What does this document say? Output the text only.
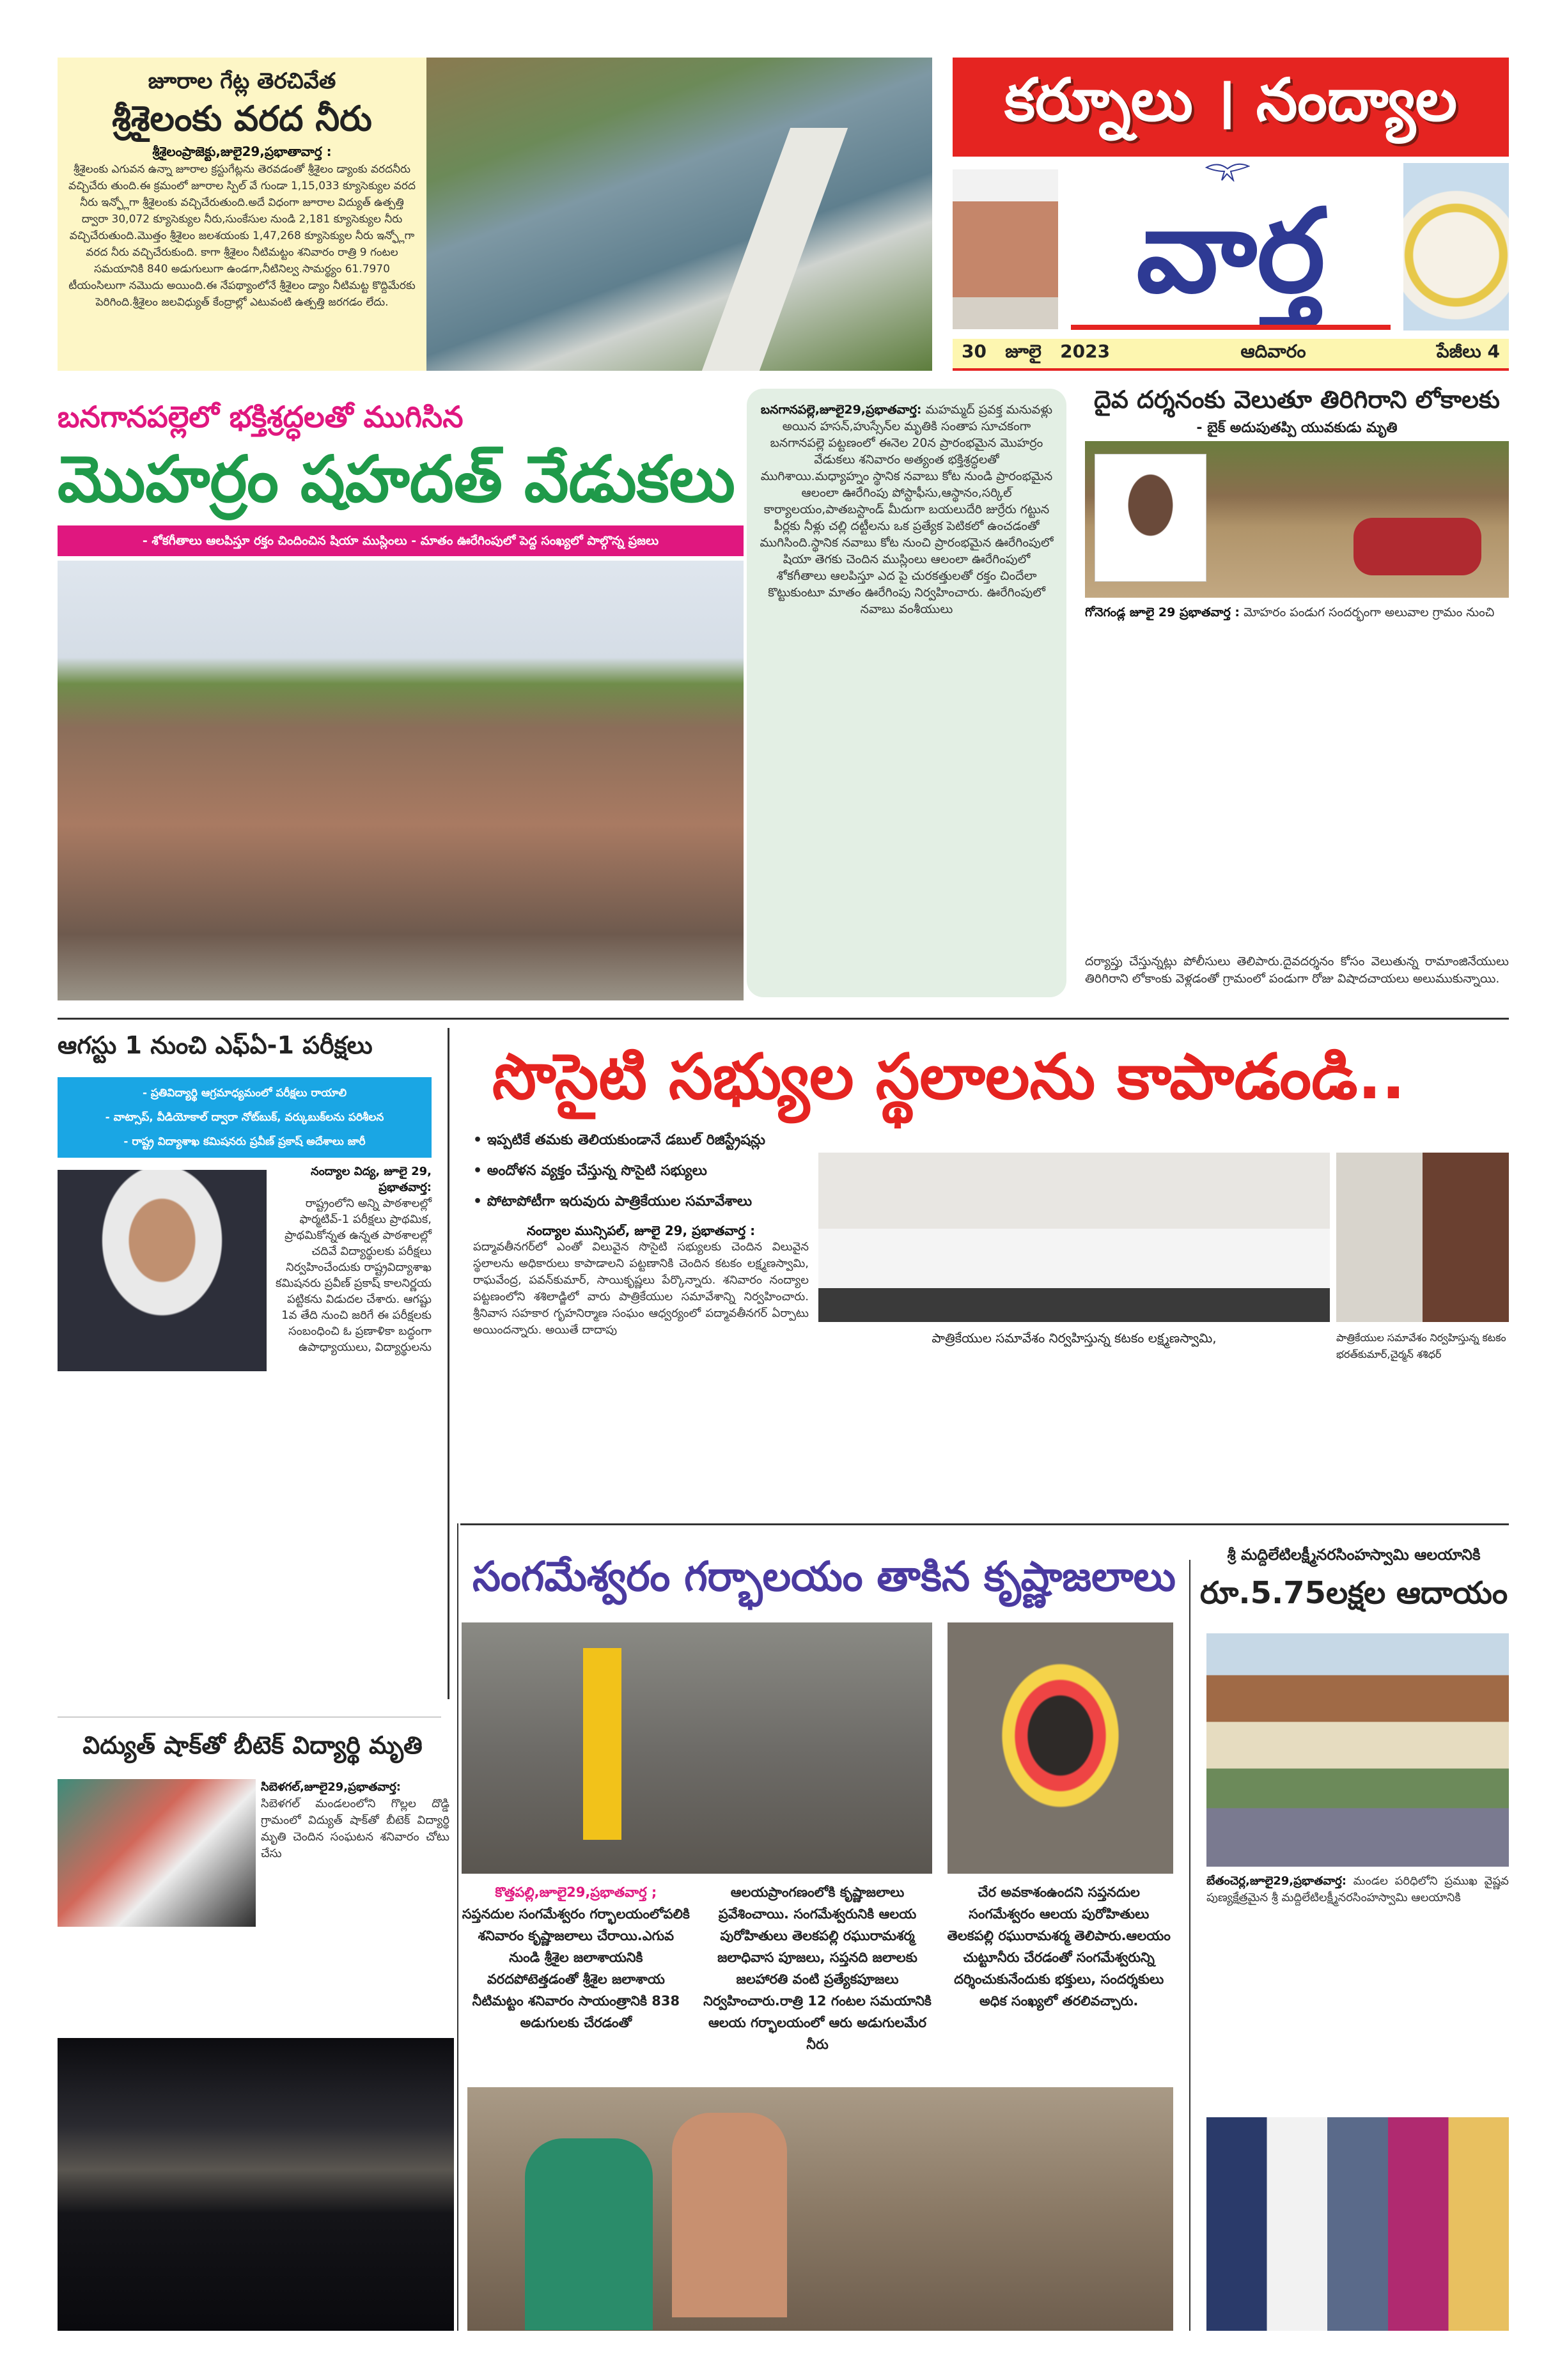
జూరాల గేట్ల తెరచివేత
శ్రీశైలంకు వరద నీరు
శ్రీశైలంప్రాజెక్టు,జులై29,ప్రభాతావార్త :
శ్రీశైలంకు ఎగువన ఉన్నా జూరాల క్రస్టుగేట్లను తెరవడంతో శ్రీశైలం డ్యాంకు వరదనీరు వచ్చిచేరు తుంది.ఈ క్రమంలో జూరాల స్పిల్ వే గుండా 1,15,033 క్యూసెక్యుల వరద నీరు ఇన్ఫ్లోగా శ్రీశైలంకు వచ్చిచేరుతుంది.అదే విధంగా జూరాల విద్యుత్ ఉత్పత్తి ద్వారా 30,072 క్యూసెక్యుల నీరు,సుంకేసుల నుండి 2,181 క్యూసెక్యుల నీరు వచ్చిచేరుతుంది.మొత్తం శ్రీశైలం జలశయంకు 1,47,268 క్యూసెక్యుల నీరు ఇన్ఫ్లోగా వరద నీరు వచ్చిచేరుకుంది. కాగా శ్రీశైలం నీటిమట్టం శనివారం రాత్రి 9 గంటల సమయానికి 840 అడుగులుగా ఉండగా,నీటినిల్వ సామర్థ్యం 61.7970 టీయంసిలుగా నమొదు అయింది.ఈ నేపథ్యాంలోనే శ్రీశైలం డ్యాం నీటిమట్ట కొద్దిమేరకు పెరిగింది.శ్రీశైలం జలవిధ్యుత్ కేంద్రాల్లో ఎటువంటి ఉత్పత్తి జరగడం లేదు.
కర్నూలు । నంద్యాల
వార్త
30 జూలై 2023	ఆదివారం	పేజీలు 4
బనగానపల్లెలో భక్తిశ్రద్ధలతో ముగిసిన
మొహర్రం షహదత్ వేడుకలు
- శోకగీతాలు ఆలపిస్తూ రక్తం చిందించిన షియా ముస్లింలు - మాతం ఊరేగింపులో పెద్ద సంఖ్యలో పాల్గొన్న ప్రజలు
బనగానపల్లె,జూలై29,ప్రభాతవార్త: మహమ్మద్ ప్రవక్త మనువళ్లు అయిన హసన్,హుస్సేన్‌ల మృతికి సంతాప సూచకంగా బనగానపల్లె పట్టణంలో ఈనెల 20న ప్రారంభమైన మొహర్రం వేడుకలు శనివారం అత్యంత భక్తిశ్రద్ధలతో ముగిశాయి.మధ్యాహ్నం స్థానిక నవాబు కోట నుండి ప్రారంభమైన ఆలంలా ఊరేగింపు పోస్టాఫీసు,ఆస్థానం,సర్కిల్ కార్యాలయం,పాతబస్టాండ్ మీదుగా బయలుదేరి జుర్రేరు గట్టున పీర్లకు నీళ్లు చల్లి దట్టీలను ఒక ప్రత్యేక పెటికలో ఉంచడంతో ముగిసింది.స్థానిక నవాబు కోట నుంచి ప్రారంభమైన ఊరేగింపులో షియా తెగకు చెందిన ముస్లింలు ఆలంలా ఊరేగింపులో శోకగీతాలు ఆలపిస్తూ ఎద పై చురకత్తులతో రక్తం చిందేలా కొట్టుకుంటూ మాతం ఊరేగింపు నిర్వహించారు. ఊరేగింపులో నవాబు వంశీయులు
దైవ దర్శనంకు వెలుతూ తిరిగిరాని లోకాలకు
- బైక్ అదుపుతప్పి యువకుడు మృతి
గోనెగండ్ల జూలై 29 ప్రభాతవార్త : మోహరం పండుగ సందర్భంగా అలువాల గ్రామం నుంచి
దర్యాప్తు చేస్తున్నట్లు పోలీసులు తెలిపారు.దైవదర్శనం కోసం వెలుతున్న రామాంజినేయులు తిరిగిరాని లోకాంకు వెళ్లడంతో గ్రామంలో పండుగా రోజు విషాదచాయలు అలుముకున్నాయి.
ఆగస్టు 1 నుంచి ఎఫ్ఏ-1 పరీక్షలు
- ప్రతివిద్యార్థి ఆగ్రమాధ్యమంలో పరీక్షలు రాయాలి
- వాట్సాప్, వీడియోకాల్ ద్వారా నోట్‌బుక్, వర్కుబుక్‌లను పరిశీలన
- రాష్ట్ర విద్యాశాఖ కమిషనరు ప్రవీణ్ ప్రకాష్ అదేశాలు జారీ
నంద్యాల విద్య, జూలై 29, ప్రభాతవార్త:
రాష్ట్రంలోని అన్ని పాఠశాలల్లో ఫార్మటివ్-1 పరీక్షలు ప్రాథమిక, ప్రాథమికోన్నత ఉన్నత పాఠశాలల్లో చదివే విద్యార్థులకు పరీక్షలు నిర్వహించేందుకు రాష్ట్రవిద్యాశాఖ కమిషనరు ప్రవీణ్ ప్రకాష్ కాలనిర్ణయ పట్టికను విడుదల చేశారు. ఆగష్టు 1వ తేది నుంచి జరిగే ఈ పరీక్షలకు సంబంధించి ఓ ప్రణాళికా బద్ధంగా ఉపాధ్యాయులు, విద్యార్థులను
సొసైటి సభ్యుల స్థలాలను కాపాడండి..
• ఇప్పటికే తమకు తెలియకుండానే డబుల్ రిజిస్ట్రేషన్లు
• అందోళన వ్యక్తం చేస్తున్న సొసైటి సభ్యులు
• పోటాపోటీగా ఇరువురు పాత్రికేయుల సమావేశాలు
నంద్యాల మున్సిపల్, జూలై 29, ప్రభాతవార్త :
పద్మావతీనగర్‌లో ఎంతో విలువైన సొసైటి సభ్యులకు చెందిన విలువైన స్థలాలను అధికారులు కాపాడాలని పట్టణానికి చెందిన కటకం లక్ష్మణస్వామి, రాఘవేంద్ర, పవన్‌కుమార్, సాయికృష్ణలు పేర్కొన్నారు. శనివారం నంద్యాల పట్టణంలోని శశిలాడ్జిలో వారు పాత్రికేయుల సమావేశాన్ని నిర్వహించారు. శ్రీనివాస సహకార గృహనిర్మాణ సంఘం ఆధ్వర్యంలో పద్మావతీనగర్ ఏర్పాటు అయిందన్నారు. అయితే దాదాపు
పాత్రికేయుల సమావేశం నిర్వహిస్తున్న కటకం లక్ష్మణస్వామి,	పాత్రికేయుల సమావేశం నిర్వహిస్తున్న కటకం భరత్‌కుమార్,చైర్మన్ శశిధర్
సంగమేశ్వరం గర్భాలయం తాకిన కృష్ణాజలాలు
కొత్తపల్లి,జూలై29,ప్రభాతవార్త ;
సప్తనదుల సంగమేశ్వరం గర్భాలయంలోపలికి శనివారం కృష్ణాజలాలు చేరాయి.ఎగువ నుండి శ్రీశైల జలాశాయనికి వరదపోటెత్తడంతో శ్రీశైల జలాశాయ నీటిమట్టం శనివారం సాయంత్రానికి 838 అడుగులకు చేరడంతో
ఆలయప్రాంగణంలోకి కృష్ణాజలాలు ప్రవేశించాయి. సంగమేశ్వరునికి ఆలయ పురోహితులు తెలకపల్లి రఘురామశర్మ జలాధివాస పూజలు, సప్తనది జలాలకు జలహారతి వంటి ప్రత్యేకపూజలు నిర్వహించారు.రాత్రి 12 గంటల సమయానికి ఆలయ గర్భాలయంలో ఆరు అడుగులమేర నీరు
చేర అవకాశంఉందని సప్తనదుల సంగమేశ్వరం ఆలయ పురోహితులు తెలకపల్లి రఘురామశర్మ తెలిపారు.ఆలయం చుట్టూనీరు చేరడంతో సంగమేశ్వరున్ని దర్శించుకునేందుకు భక్తులు, సందర్శకులు అధిక సంఖ్యలో తరలివచ్చారు.
విద్యుత్ షాక్‌తో బీటెక్ విద్యార్థి మృతి
సిబెళగల్,జూలై29,ప్రభాతవార్త:
సిబెళగల్ మండలంలోని గొల్లల దొడ్డి గ్రామంలో విద్యుత్ షాక్‌తో బీటెక్ విద్యార్థి మృతి చెందిన సంఘటన శనివారం చోటు చేసు
శ్రీ మద్దిలేటిలక్ష్మీనరసింహస్వామి ఆలయానికి
రూ.5.75లక్షల ఆదాయం
బేతంచెర్ల,జూలై29,ప్రభాతవార్త: మండల పరిధిలోని ప్రముఖ వైష్ణవ పుణ్యక్షేత్రమైన శ్రీ మద్దిలేటిలక్ష్మీనరసింహస్వామి ఆలయానికి
